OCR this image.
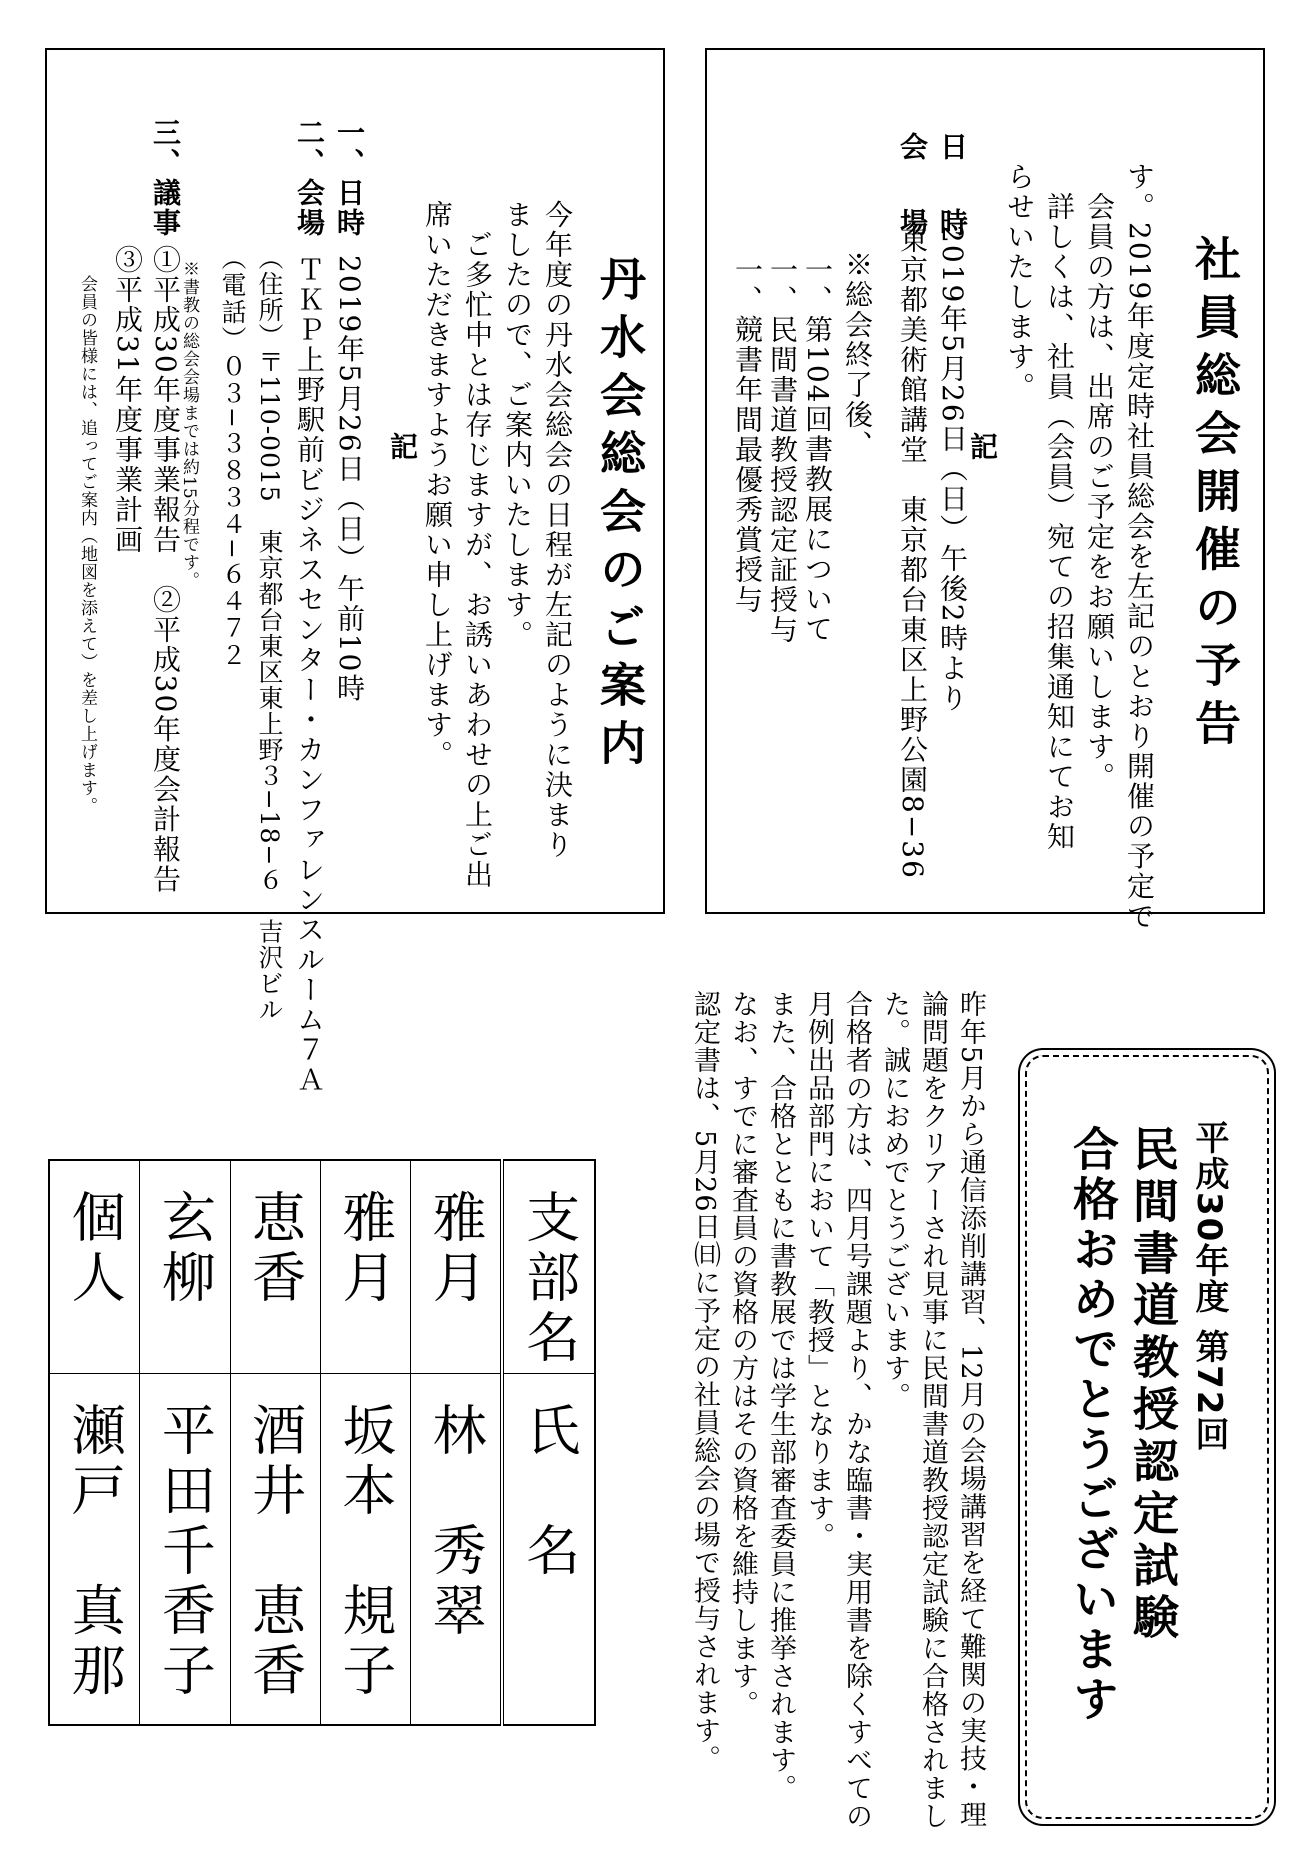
社員総会開催の予告

す。2019年度定時社員総会を左記のとおり開催の予定で

会員の方は、出席のご予定をお願いします。

詳しくは、社員（会員）宛ての招集通知にてお知

らせいたします。

記

日　時

2019年5月26日（日）午後2時より

会　場

東京都美術館講堂　東京都台東区上野公園8−36

※総会終了後、

一、第104回書教展について

一、民間書道教授認定証授与

一、競書年間最優秀賞授与

丹水会総会のご案内

今年度の丹水会総会の日程が左記のように決まり

ましたので、ご案内いたします。

ご多忙中とは存じますが、お誘いあわせの上ご出

席いただきますようお願い申し上げます。

記

一、日時

2019年5月26日（日）午前10時

二、会場

ＴＫＰ上野駅前ビジネスセンター・カンファレンスルーム７Ａ

（住所）〒110-0015　東京都台東区東上野３−18−６　吉沢ビル

（電話）０３−３８３４−６４７２

※書教の総会会場までは約15分程です。

三、議事

①平成30年度事業報告　②平成30年度会計報告

③平成31年度事業計画

会員の皆様には、追ってご案内（地図を添えて）を差し上げます。

平成30年度 第72回

民間書道教授認定試験
合格おめでとうございます

昨年5月から通信添削講習、12月の会場講習を経て難関の実技・理

論問題をクリアーされ見事に民間書道教授認定試験に合格されまし

た。誠におめでとうございます。

合格者の方は、四月号課題より、かな臨書・実用書を除くすべての

月例出品部門において「教授」となります。

また、合格とともに書教展では学生部審査委員に推挙されます。

なお、すでに審査員の資格の方はその資格を維持します。

認定書は、5月26日㈰に予定の社員総会の場で授与されます。

個人	玄柳	恵香	雅月	雅月	支部名
瀬戸　真那	平田千香子	酒井　恵香	坂本　規子	林　秀翠	氏　名
